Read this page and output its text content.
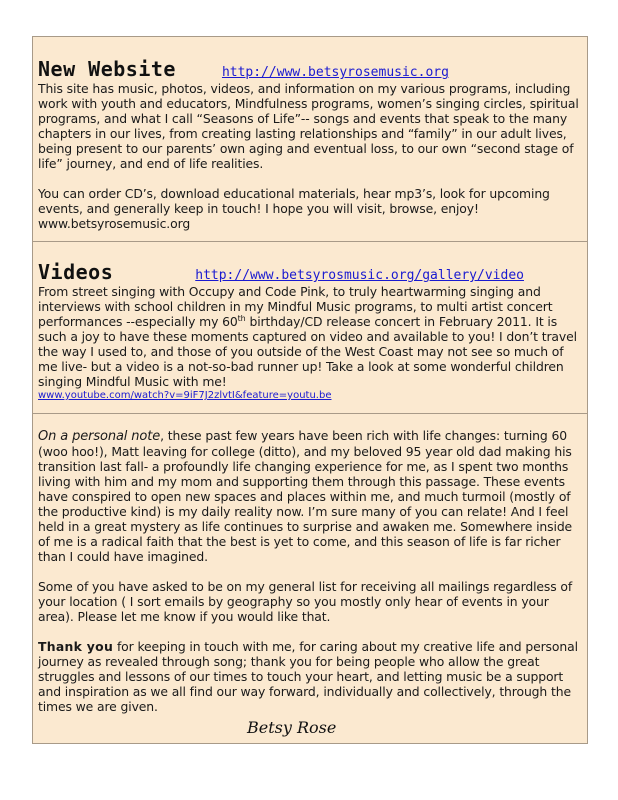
New Website	http://www.betsyrosemusic.org

This site has music, photos, videos, and information on my various programs, including work with youth and educators, Mindfulness programs, women’s singing circles, spiritual programs, and what I call “Seasons of Life”-- songs and events that speak to the many chapters in our lives, from creating lasting relationships and “family” in our adult lives, being present to our parents’ own aging and eventual loss, to our own “second stage of life” journey, and end of life realities.

You can order CD’s, download educational materials, hear mp3’s, look for upcoming events, and generally keep in touch! I hope you will visit, browse, enjoy! www.betsyrosemusic.org

Videos	http://www.betsyrosmusic.org/gallery/video

From street singing with Occupy and Code Pink, to truly heartwarming singing and interviews with school children in my Mindful Music programs, to multi artist concert performances --especially my 60th birthday/CD release concert in February 2011. It is such a joy to have these moments captured on video and available to you! I don’t travel the way I used to, and those of you outside of the West Coast may not see so much of me live- but a video is a not-so-bad runner up! Take a look at some wonderful children singing Mindful Music with me!

www.youtube.com/watch?v=9iF7J2zlvtI&feature=youtu.be

On a personal note, these past few years have been rich with life changes: turning 60 (woo hoo!), Matt leaving for college (ditto), and my beloved 95 year old dad making his transition last fall- a profoundly life changing experience for me, as I spent two months living with him and my mom and supporting them through this passage. These events have conspired to open new spaces and places within me, and much turmoil (mostly of the productive kind) is my daily reality now. I’m sure many of you can relate! And I feel held in a great mystery as life continues to surprise and awaken me. Somewhere inside of me is a radical faith that the best is yet to come, and this season of life is far richer than I could have imagined.

Some of you have asked to be on my general list for receiving all mailings regardless of your location ( I sort emails by geography so you mostly only hear of events in your area). Please let me know if you would like that.

Thank you for keeping in touch with me, for caring about my creative life and personal journey as revealed through song; thank you for being people who allow the great struggles and lessons of our times to touch your heart, and letting music be a support and inspiration as we all find our way forward, individually and collectively, through the times we are given.

Betsy Rose
